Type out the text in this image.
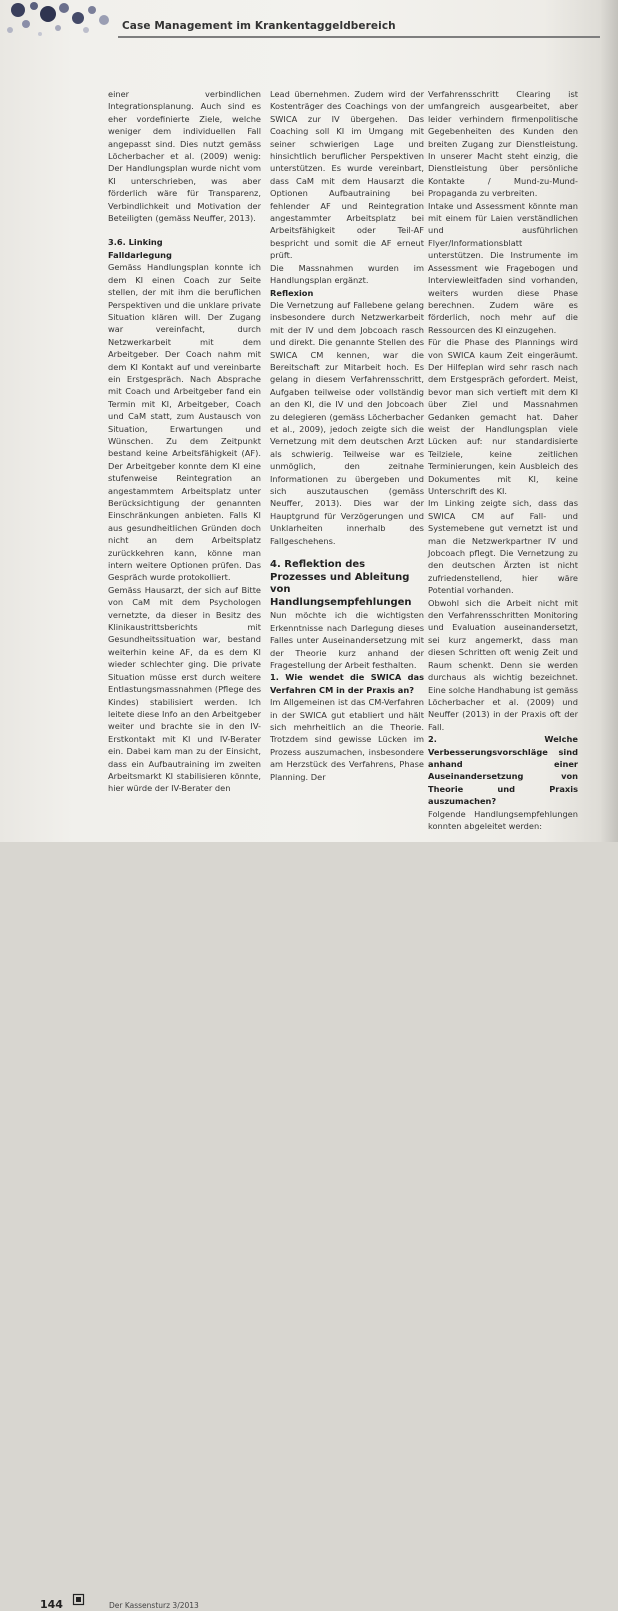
Case Management im Krankentaggeldbereich

einer verbindlichen Integrationsplanung. Auch sind es eher vordefinierte Ziele, welche weniger dem individuellen Fall angepasst sind. Dies nutzt gemäss Löcherbacher et al. (2009) wenig: Der Handlungsplan wurde nicht vom KI unterschrieben, was aber förderlich wäre für Transparenz, Verbindlichkeit und Motivation der Beteiligten (gemäss Neuffer, 2013).

3.6. Linking

Falldarlegung

Gemäss Handlungsplan konnte ich dem KI einen Coach zur Seite stellen, der mit ihm die beruflichen Perspektiven und die unklare private Situation klären will. Der Zugang war vereinfacht, durch Netzwerkarbeit mit dem Arbeitgeber. Der Coach nahm mit dem KI Kontakt auf und vereinbarte ein Erstgespräch. Nach Absprache mit Coach und Arbeitgeber fand ein Termin mit KI, Arbeitgeber, Coach und CaM statt, zum Austausch von Situation, Erwartungen und Wünschen. Zu dem Zeitpunkt bestand keine Arbeitsfähigkeit (AF). Der Arbeitgeber konnte dem KI eine stufenweise Reintegration an angestammtem Arbeitsplatz unter Berücksichtigung der genannten Einschränkungen anbieten. Falls KI aus gesundheitlichen Gründen doch nicht an dem Arbeitsplatz zurückkehren kann, könne man intern weitere Optionen prüfen. Das Gespräch wurde protokolliert.

Gemäss Hausarzt, der sich auf Bitte von CaM mit dem Psychologen vernetzte, da dieser in Besitz des Klinikaustrittsberichts mit Gesundheitssituation war, bestand weiterhin keine AF, da es dem KI wieder schlechter ging. Die private Situation müsse erst durch weitere Entlastungsmassnahmen (Pflege des Kindes) stabilisiert werden. Ich leitete diese Info an den Arbeitgeber weiter und brachte sie in den IV-Erstkontakt mit KI und IV-Berater ein. Dabei kam man zu der Einsicht, dass ein Aufbautraining im zweiten Arbeitsmarkt KI stabilisieren könnte, hier würde der IV-Berater den

Lead übernehmen. Zudem wird der Kostenträger des Coachings von der SWICA zur IV übergehen. Das Coaching soll KI im Umgang mit seiner schwierigen Lage und hinsichtlich beruflicher Perspektiven unterstützen. Es wurde vereinbart, dass CaM mit dem Hausarzt die Optionen Aufbautraining bei fehlender AF und Reintegration angestammter Arbeitsplatz bei Arbeitsfähigkeit oder Teil-AF bespricht und somit die AF erneut prüft.

Die Massnahmen wurden im Handlungsplan ergänzt.

Reflexion

Die Vernetzung auf Fallebene gelang insbesondere durch Netzwerkarbeit mit der IV und dem Jobcoach rasch und direkt. Die genannte Stellen des SWICA CM kennen, war die Bereitschaft zur Mitarbeit hoch. Es gelang in diesem Verfahrensschritt, Aufgaben teilweise oder vollständig an den KI, die IV und den Jobcoach zu delegieren (gemäss Löcherbacher et al., 2009), jedoch zeigte sich die Vernetzung mit dem deutschen Arzt als schwierig. Teilweise war es unmöglich, den zeitnahe Informationen zu übergeben und sich auszutauschen (gemäss Neuffer, 2013). Dies war der Hauptgrund für Verzögerungen und Unklarheiten innerhalb des Fallgeschehens.

4. Reflektion des Prozesses und Ableitung von Handlungsempfehlungen

Nun möchte ich die wichtigsten Erkenntnisse nach Darlegung dieses Falles unter Auseinandersetzung mit der Theorie kurz anhand der Fragestellung der Arbeit festhalten.

1. Wie wendet die SWICA das Verfahren CM in der Praxis an?

Im Allgemeinen ist das CM-Verfahren in der SWICA gut etabliert und hält sich mehrheitlich an die Theorie. Trotzdem sind gewisse Lücken im Prozess auszumachen, insbesondere am Herzstück des Verfahrens, Phase Planning. Der

Verfahrensschritt Clearing ist umfangreich ausgearbeitet, aber leider verhindern firmenpolitische Gegebenheiten des Kunden den breiten Zugang zur Dienstleistung. In unserer Macht steht einzig, die Dienstleistung über persönliche Kontakte / Mund-zu-Mund-Propaganda zu verbreiten.

Intake und Assessment könnte man mit einem für Laien verständlichen und ausführlichen Flyer/Informationsblatt unterstützen. Die Instrumente im Assessment wie Fragebogen und Interviewleitfaden sind vorhanden, weiters wurden diese Phase berechnen. Zudem wäre es förderlich, noch mehr auf die Ressourcen des KI einzugehen.

Für die Phase des Plannings wird von SWICA kaum Zeit eingeräumt. Der Hilfeplan wird sehr rasch nach dem Erstgespräch gefordert. Meist, bevor man sich vertieft mit dem KI über Ziel und Massnahmen Gedanken gemacht hat. Daher weist der Handlungsplan viele Lücken auf: nur standardisierte Teilziele, keine zeitlichen Terminierungen, kein Ausbleich des Dokumentes mit KI, keine Unterschrift des KI.

Im Linking zeigte sich, dass das SWICA CM auf Fall- und Systemebene gut vernetzt ist und man die Netzwerkpartner IV und Jobcoach pflegt. Die Vernetzung zu den deutschen Ärzten ist nicht zufriedenstellend, hier wäre Potential vorhanden.

Obwohl sich die Arbeit nicht mit den Verfahrensschritten Monitoring und Evaluation auseinandersetzt, sei kurz angemerkt, dass man diesen Schritten oft wenig Zeit und Raum schenkt. Denn sie werden durchaus als wichtig bezeichnet. Eine solche Handhabung ist gemäss Löcherbacher et al. (2009) und Neuffer (2013) in der Praxis oft der Fall.

2. Welche Verbesserungsvorschläge sind anhand einer Auseinandersetzung von Theorie und Praxis auszumachen?

Folgende Handlungsempfehlungen konnten abgeleitet werden:

144	Der Kassensturz 3/2013
